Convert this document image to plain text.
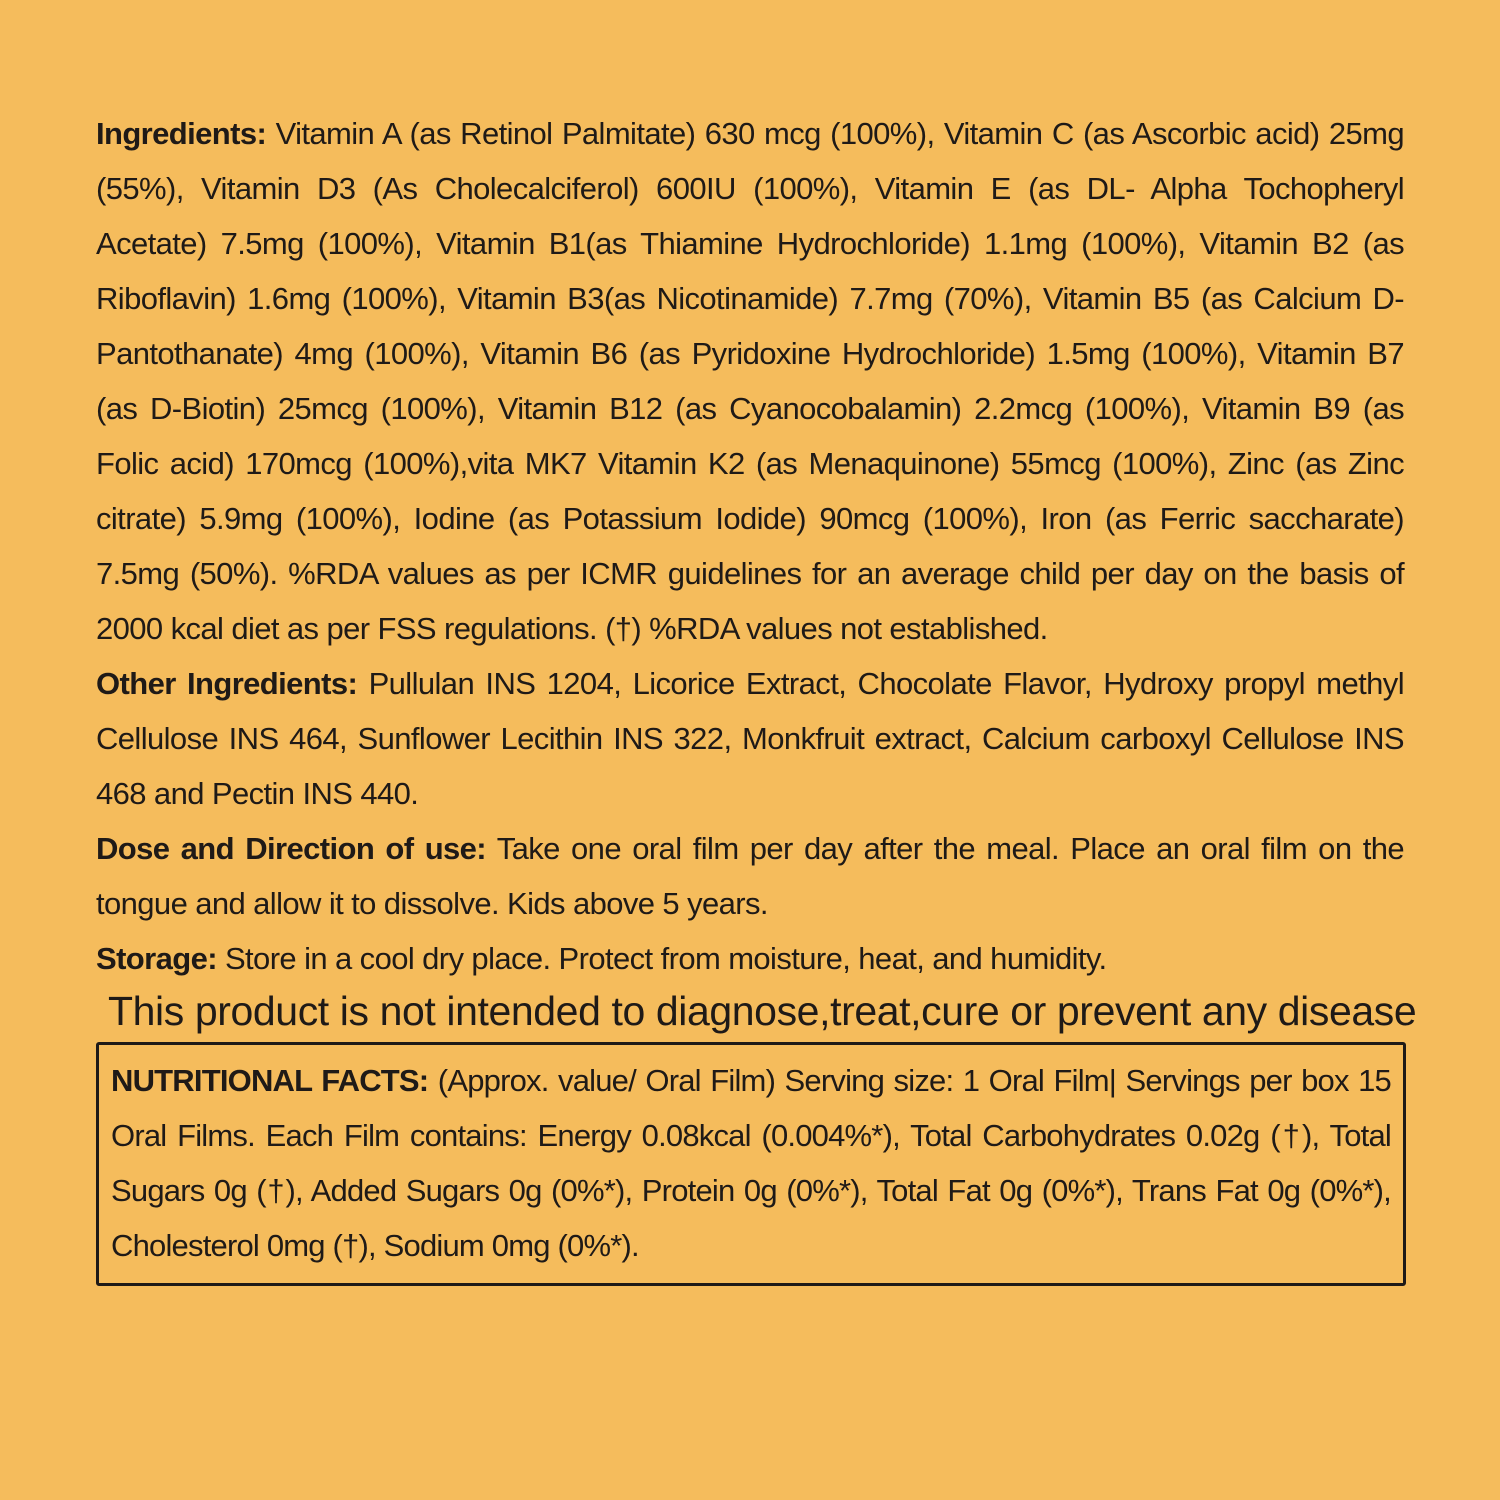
Ingredients: Vitamin A (as Retinol Palmitate) 630 mcg (100%), Vitamin C (as Ascorbic acid) 25mg (55%), Vitamin D3 (As Cholecalciferol) 600IU (100%), Vitamin E (as DL- Alpha Tochopheryl Acetate) 7.5mg (100%), Vitamin B1(as Thiamine Hydrochloride) 1.1mg (100%), Vitamin B2 (as Riboflavin) 1.6mg (100%), Vitamin B3(as Nicotinamide) 7.7mg (70%), Vitamin B5 (as Calcium D-Pantothanate) 4mg (100%), Vitamin B6 (as Pyridoxine Hydrochloride) 1.5mg (100%), Vitamin B7 (as D-Biotin) 25mcg (100%), Vitamin B12 (as Cyanocobalamin) 2.2mcg (100%), Vitamin B9 (as Folic acid) 170mcg (100%),vita MK7 Vitamin K2 (as Menaquinone) 55mcg (100%), Zinc (as Zinc citrate) 5.9mg (100%), Iodine (as Potassium Iodide) 90mcg (100%), Iron (as Ferric saccharate) 7.5mg (50%). %RDA values as per ICMR guidelines for an average child per day on the basis of 2000 kcal diet as per FSS regulations. (†) %RDA values not established.

Other Ingredients: Pullulan INS 1204, Licorice Extract, Chocolate Flavor, Hydroxy propyl methyl Cellulose INS 464, Sunflower Lecithin INS 322, Monkfruit extract, Calcium carboxyl Cellulose INS 468 and Pectin INS 440.

Dose and Direction of use: Take one oral film per day after the meal. Place an oral film on the tongue and allow it to dissolve. Kids above 5 years.

Storage: Store in a cool dry place. Protect from moisture, heat, and humidity.

This product is not intended to diagnose,treat,cure or prevent any disease

NUTRITIONAL FACTS: (Approx. value/ Oral Film) Serving size: 1 Oral Film| Servings per box 15 Oral Films. Each Film contains: Energy 0.08kcal (0.004%*), Total Carbohydrates 0.02g (†), Total Sugars 0g (†), Added Sugars 0g (0%*), Protein 0g (0%*), Total Fat 0g (0%*), Trans Fat 0g (0%*), Cholesterol 0mg (†), Sodium 0mg (0%*).
